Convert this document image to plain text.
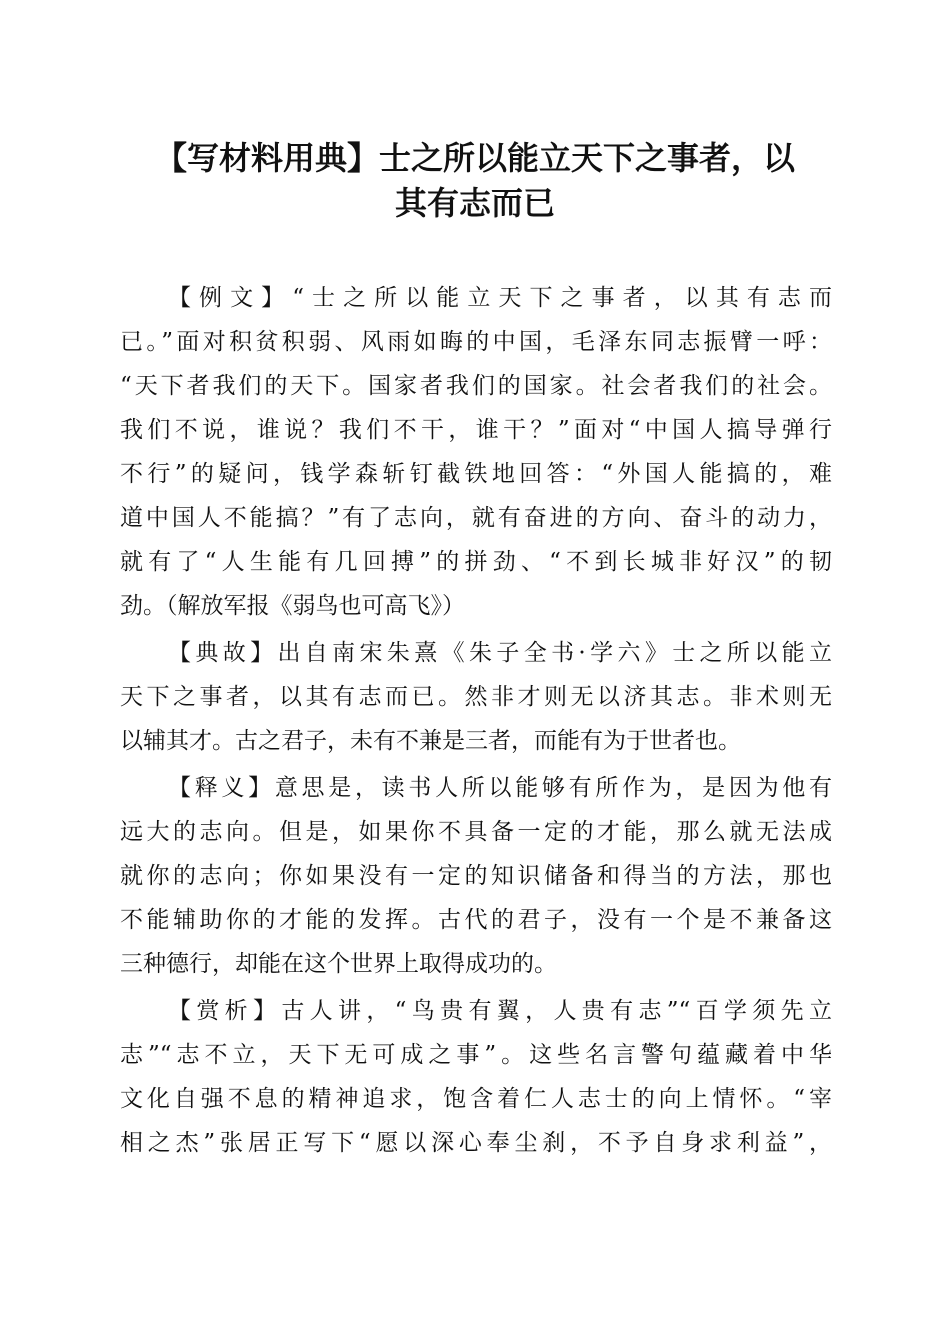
【写材料用典】士之所以能立天下之事者，以
其有志而已
【例文】“士之所以能立天下之事者，以其有志而
已。”面对积贫积弱、风雨如晦的中国，毛泽东同志振臂一呼：
“天下者我们的天下。国家者我们的国家。社会者我们的社会。
我们不说，谁说？我们不干，谁干？”面对“中国人搞导弹行
不行”的疑问，钱学森斩钉截铁地回答：“外国人能搞的，难
道中国人不能搞？”有了志向，就有奋进的方向、奋斗的动力，
就有了“人生能有几回搏”的拼劲、“不到长城非好汉”的韧
劲。（解放军报《弱鸟也可高飞》）
【典故】出自南宋朱熹《朱子全书·学六》士之所以能立
天下之事者，以其有志而已。然非才则无以济其志。非术则无
以辅其才。古之君子，未有不兼是三者，而能有为于世者也。
【释义】意思是，读书人所以能够有所作为，是因为他有
远大的志向。但是，如果你不具备一定的才能，那么就无法成
就你的志向；你如果没有一定的知识储备和得当的方法，那也
不能辅助你的才能的发挥。古代的君子，没有一个是不兼备这
三种德行，却能在这个世界上取得成功的。
【赏析】古人讲，“鸟贵有翼，人贵有志”“百学须先立
志”“志不立，天下无可成之事”。这些名言警句蕴藏着中华
文化自强不息的精神追求，饱含着仁人志士的向上情怀。“宰
相之杰”张居正写下“愿以深心奉尘刹，不予自身求利益”，
